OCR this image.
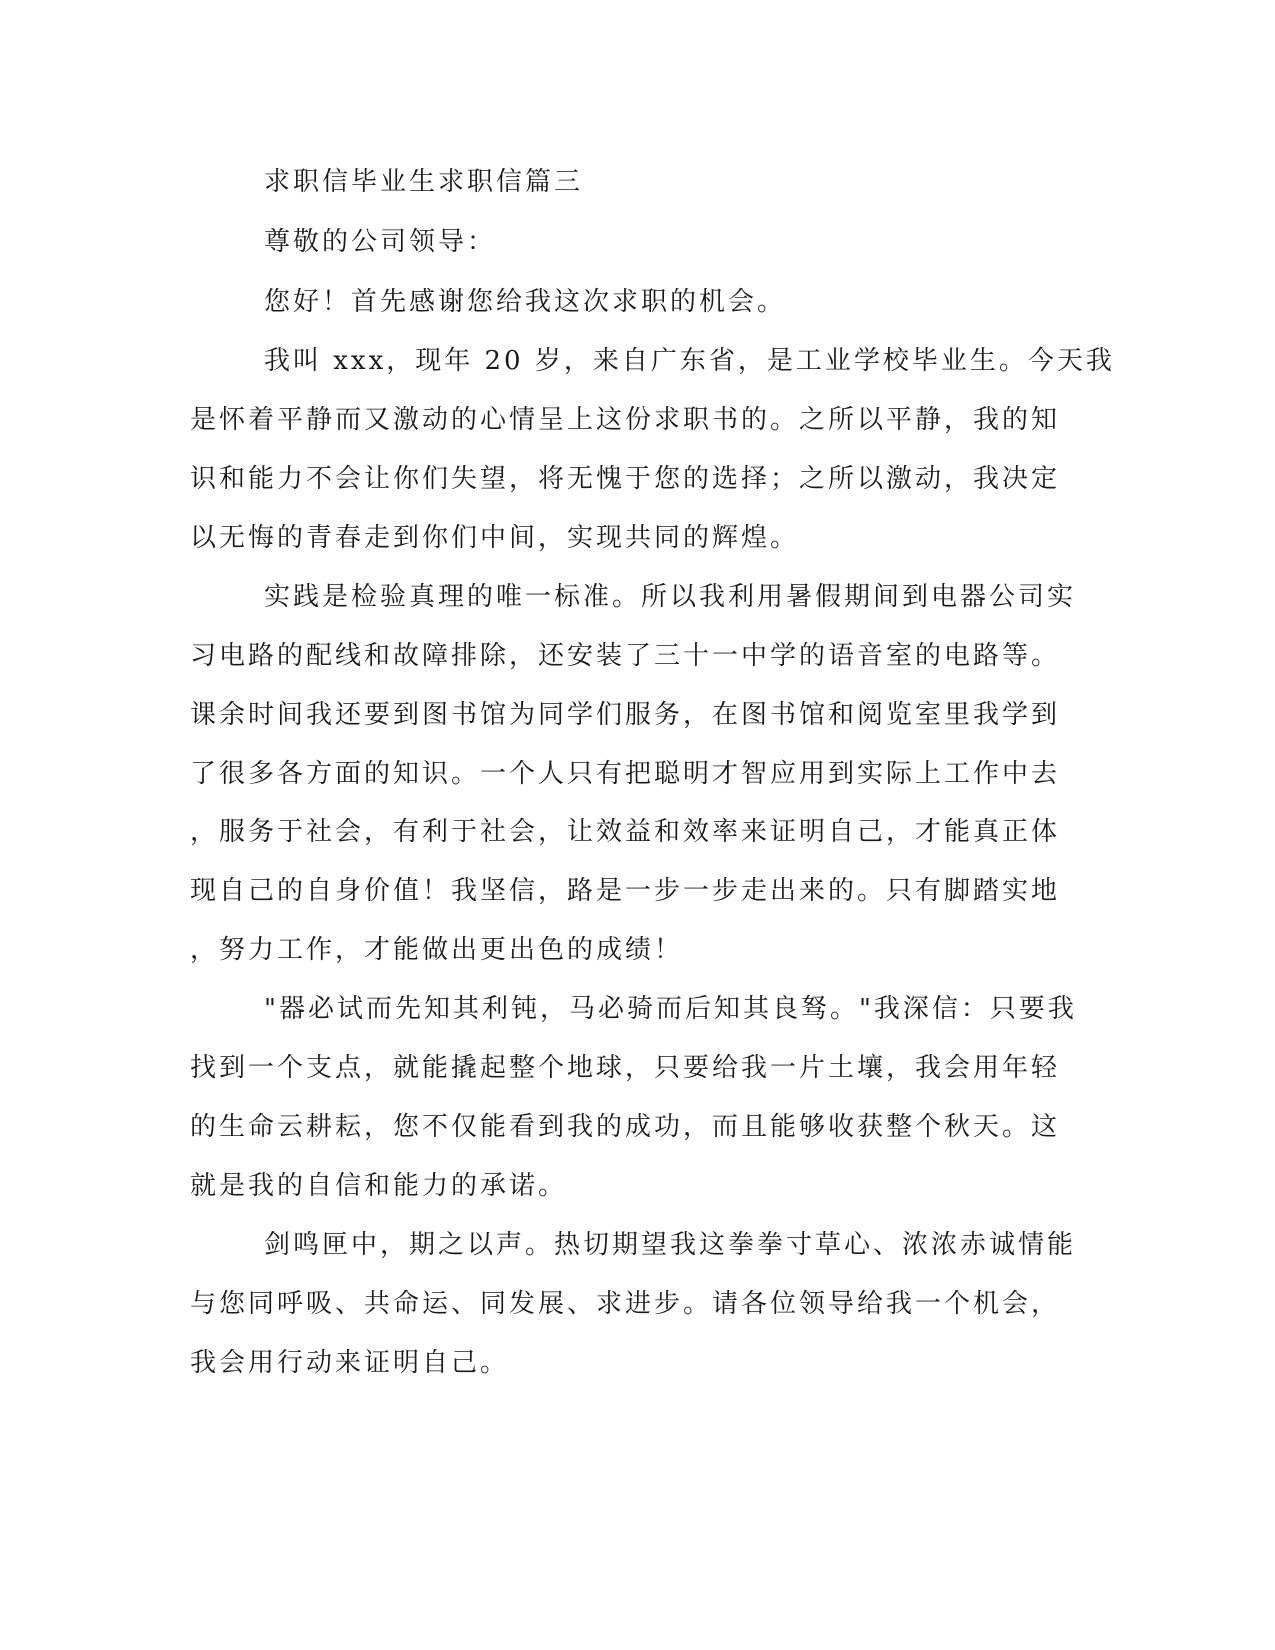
求职信毕业生求职信篇三
尊敬的公司领导：
您好！首先感谢您给我这次求职的机会。
我叫 xxx，现年 20 岁，来自广东省，是工业学校毕业生。今天我
是怀着平静而又激动的心情呈上这份求职书的。之所以平静，我的知
识和能力不会让你们失望，将无愧于您的选择；之所以激动，我决定
以无悔的青春走到你们中间，实现共同的辉煌。
实践是检验真理的唯一标准。所以我利用暑假期间到电器公司实
习电路的配线和故障排除，还安装了三十一中学的语音室的电路等。
课余时间我还要到图书馆为同学们服务，在图书馆和阅览室里我学到
了很多各方面的知识。一个人只有把聪明才智应用到实际上工作中去
，服务于社会，有利于社会，让效益和效率来证明自己，才能真正体
现自己的自身价值！我坚信，路是一步一步走出来的。只有脚踏实地
，努力工作，才能做出更出色的成绩！
"器必试而先知其利钝，马必骑而后知其良驽。"我深信：只要我
找到一个支点，就能撬起整个地球，只要给我一片土壤，我会用年轻
的生命云耕耘，您不仅能看到我的成功，而且能够收获整个秋天。这
就是我的自信和能力的承诺。
剑鸣匣中，期之以声。热切期望我这拳拳寸草心、浓浓赤诚情能
与您同呼吸、共命运、同发展、求进步。请各位领导给我一个机会，
我会用行动来证明自己。
